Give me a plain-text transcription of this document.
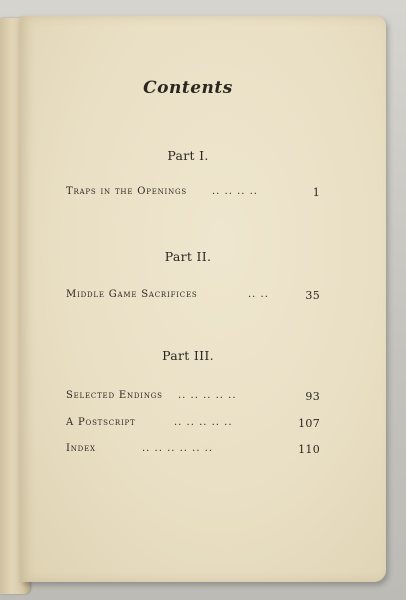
Contents
Part I.
Traps in the Openings .. .. .. ..	1
Part II.
Middle Game Sacrifices	.. ..	35
Part III.
Selected Endings .. .. .. .. ..	93
A Postscript	.. .. .. .. ..	107
Index	.. .. .. .. .. ..	110
